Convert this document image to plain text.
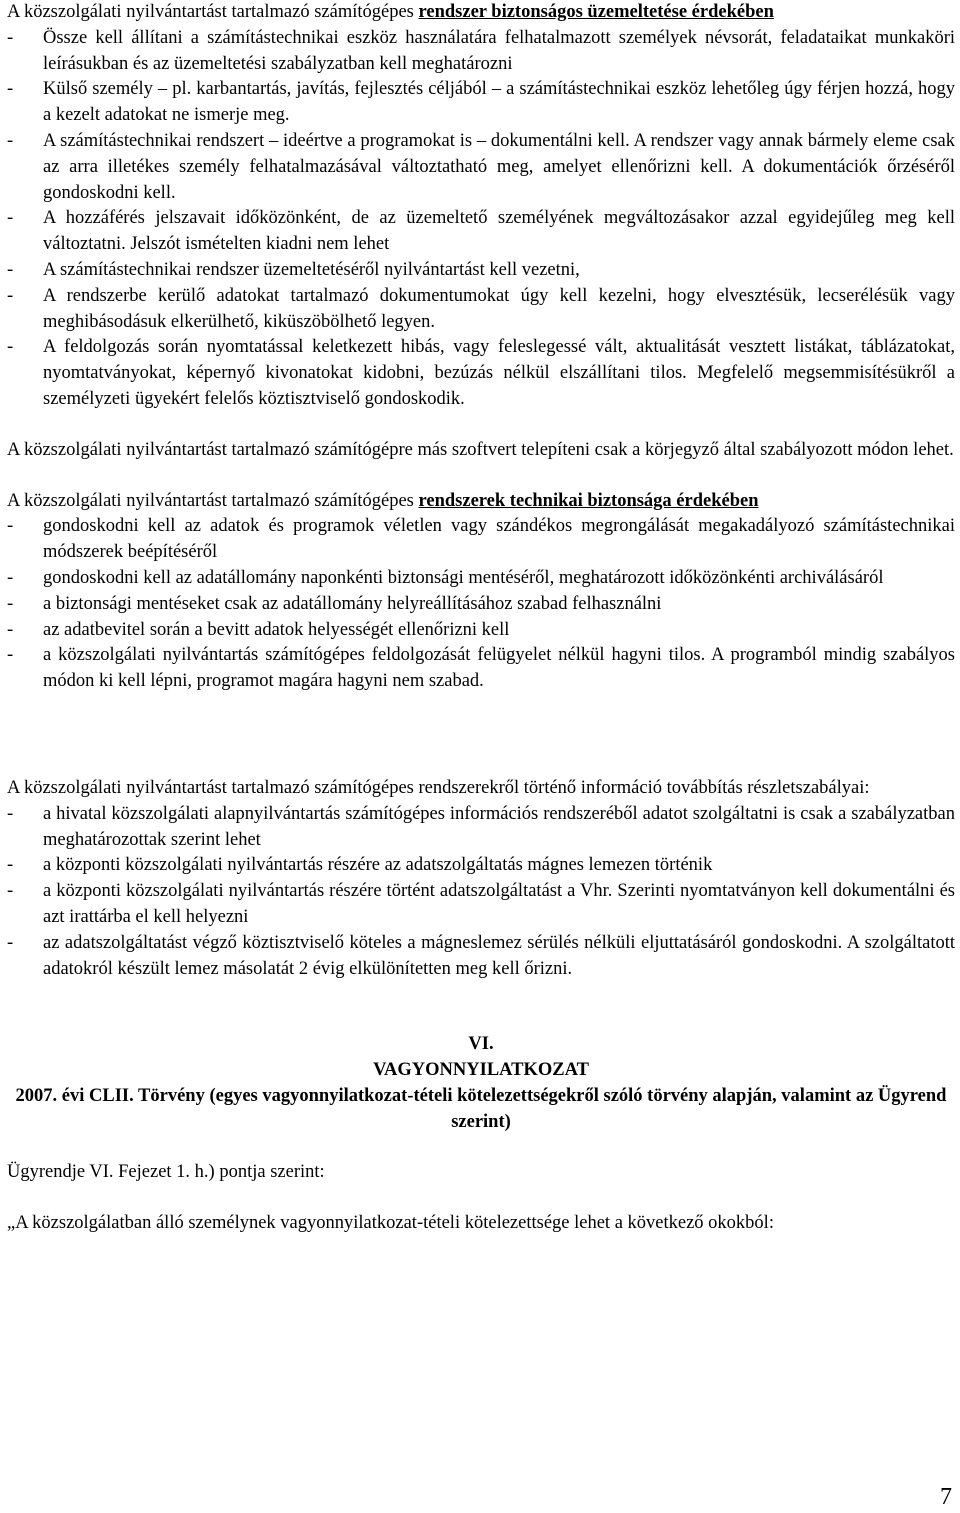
A közszolgálati nyilvántartást tartalmazó számítógépes rendszer biztonságos üzemeltetése érdekében

-	Össze kell állítani a számítástechnikai eszköz használatára felhatalmazott személyek névsorát, feladataikat munkaköri leírásukban és az üzemeltetési szabályzatban kell meghatározni
-	Külső személy – pl. karbantartás, javítás, fejlesztés céljából – a számítástechnikai eszköz lehetőleg úgy férjen hozzá, hogy a kezelt adatokat ne ismerje meg.
-	A számítástechnikai rendszert – ideértve a programokat is – dokumentálni kell. A rendszer vagy annak bármely eleme csak az arra illetékes személy felhatalmazásával változtatható meg, amelyet ellenőrizni kell. A dokumentációk őrzéséről gondoskodni kell.
-	A hozzáférés jelszavait időközönként, de az üzemeltető személyének megváltozásakor azzal egyidejűleg meg kell változtatni. Jelszót ismételten kiadni nem lehet
-	A számítástechnikai rendszer üzemeltetéséről nyilvántartást kell vezetni,
-	A rendszerbe kerülő adatokat tartalmazó dokumentumokat úgy kell kezelni, hogy elvesztésük, lecserélésük vagy meghibásodásuk elkerülhető, kiküszöbölhető legyen.
-	A feldolgozás során nyomtatással keletkezett hibás, vagy feleslegessé vált, aktualitását vesztett listákat, táblázatokat, nyomtatványokat, képernyő kivonatokat kidobni, bezúzás nélkül elszállítani tilos. Megfelelő megsemmisítésükről a személyzeti ügyekért felelős köztisztviselő gondoskodik.

A közszolgálati nyilvántartást tartalmazó számítógépre más szoftvert telepíteni csak a körjegyző által szabályozott módon lehet.

A közszolgálati nyilvántartást tartalmazó számítógépes rendszerek technikai biztonsága érdekében

-	gondoskodni kell az adatok és programok véletlen vagy szándékos megrongálását megakadályozó számítástechnikai módszerek beépítéséről
-	gondoskodni kell az adatállomány naponkénti biztonsági mentéséről, meghatározott időközönkénti archiválásáról
-	a biztonsági mentéseket csak az adatállomány helyreállításához szabad felhasználni
-	az adatbevitel során a bevitt adatok helyességét ellenőrizni kell
-	a közszolgálati nyilvántartás számítógépes feldolgozását felügyelet nélkül hagyni tilos. A programból mindig szabályos módon ki kell lépni, programot magára hagyni nem szabad.

A közszolgálati nyilvántartást tartalmazó számítógépes rendszerekről történő információ továbbítás részletszabályai:

-	a hivatal közszolgálati alapnyilvántartás számítógépes információs rendszeréből adatot szolgáltatni is csak a szabályzatban meghatározottak szerint lehet
-	a központi közszolgálati nyilvántartás részére az adatszolgáltatás mágnes lemezen történik
-	a központi közszolgálati nyilvántartás részére történt adatszolgáltatást a Vhr. Szerinti nyomtatványon kell dokumentálni és azt irattárba el kell helyezni
-	az adatszolgáltatást végző köztisztviselő köteles a mágneslemez sérülés nélküli eljuttatásáról gondoskodni. A szolgáltatott adatokról készült lemez másolatát 2 évig elkülönítetten meg kell őrizni.

VI.

VAGYONNYILATKOZAT

2007. évi CLII. Törvény (egyes vagyonnyilatkozat-tételi kötelezettségekről szóló törvény alapján, valamint az Ügyrend szerint)

Ügyrendje VI. Fejezet 1. h.) pontja szerint:

„A közszolgálatban álló személynek vagyonnyilatkozat-tételi kötelezettsége lehet a következő okokból:

7
